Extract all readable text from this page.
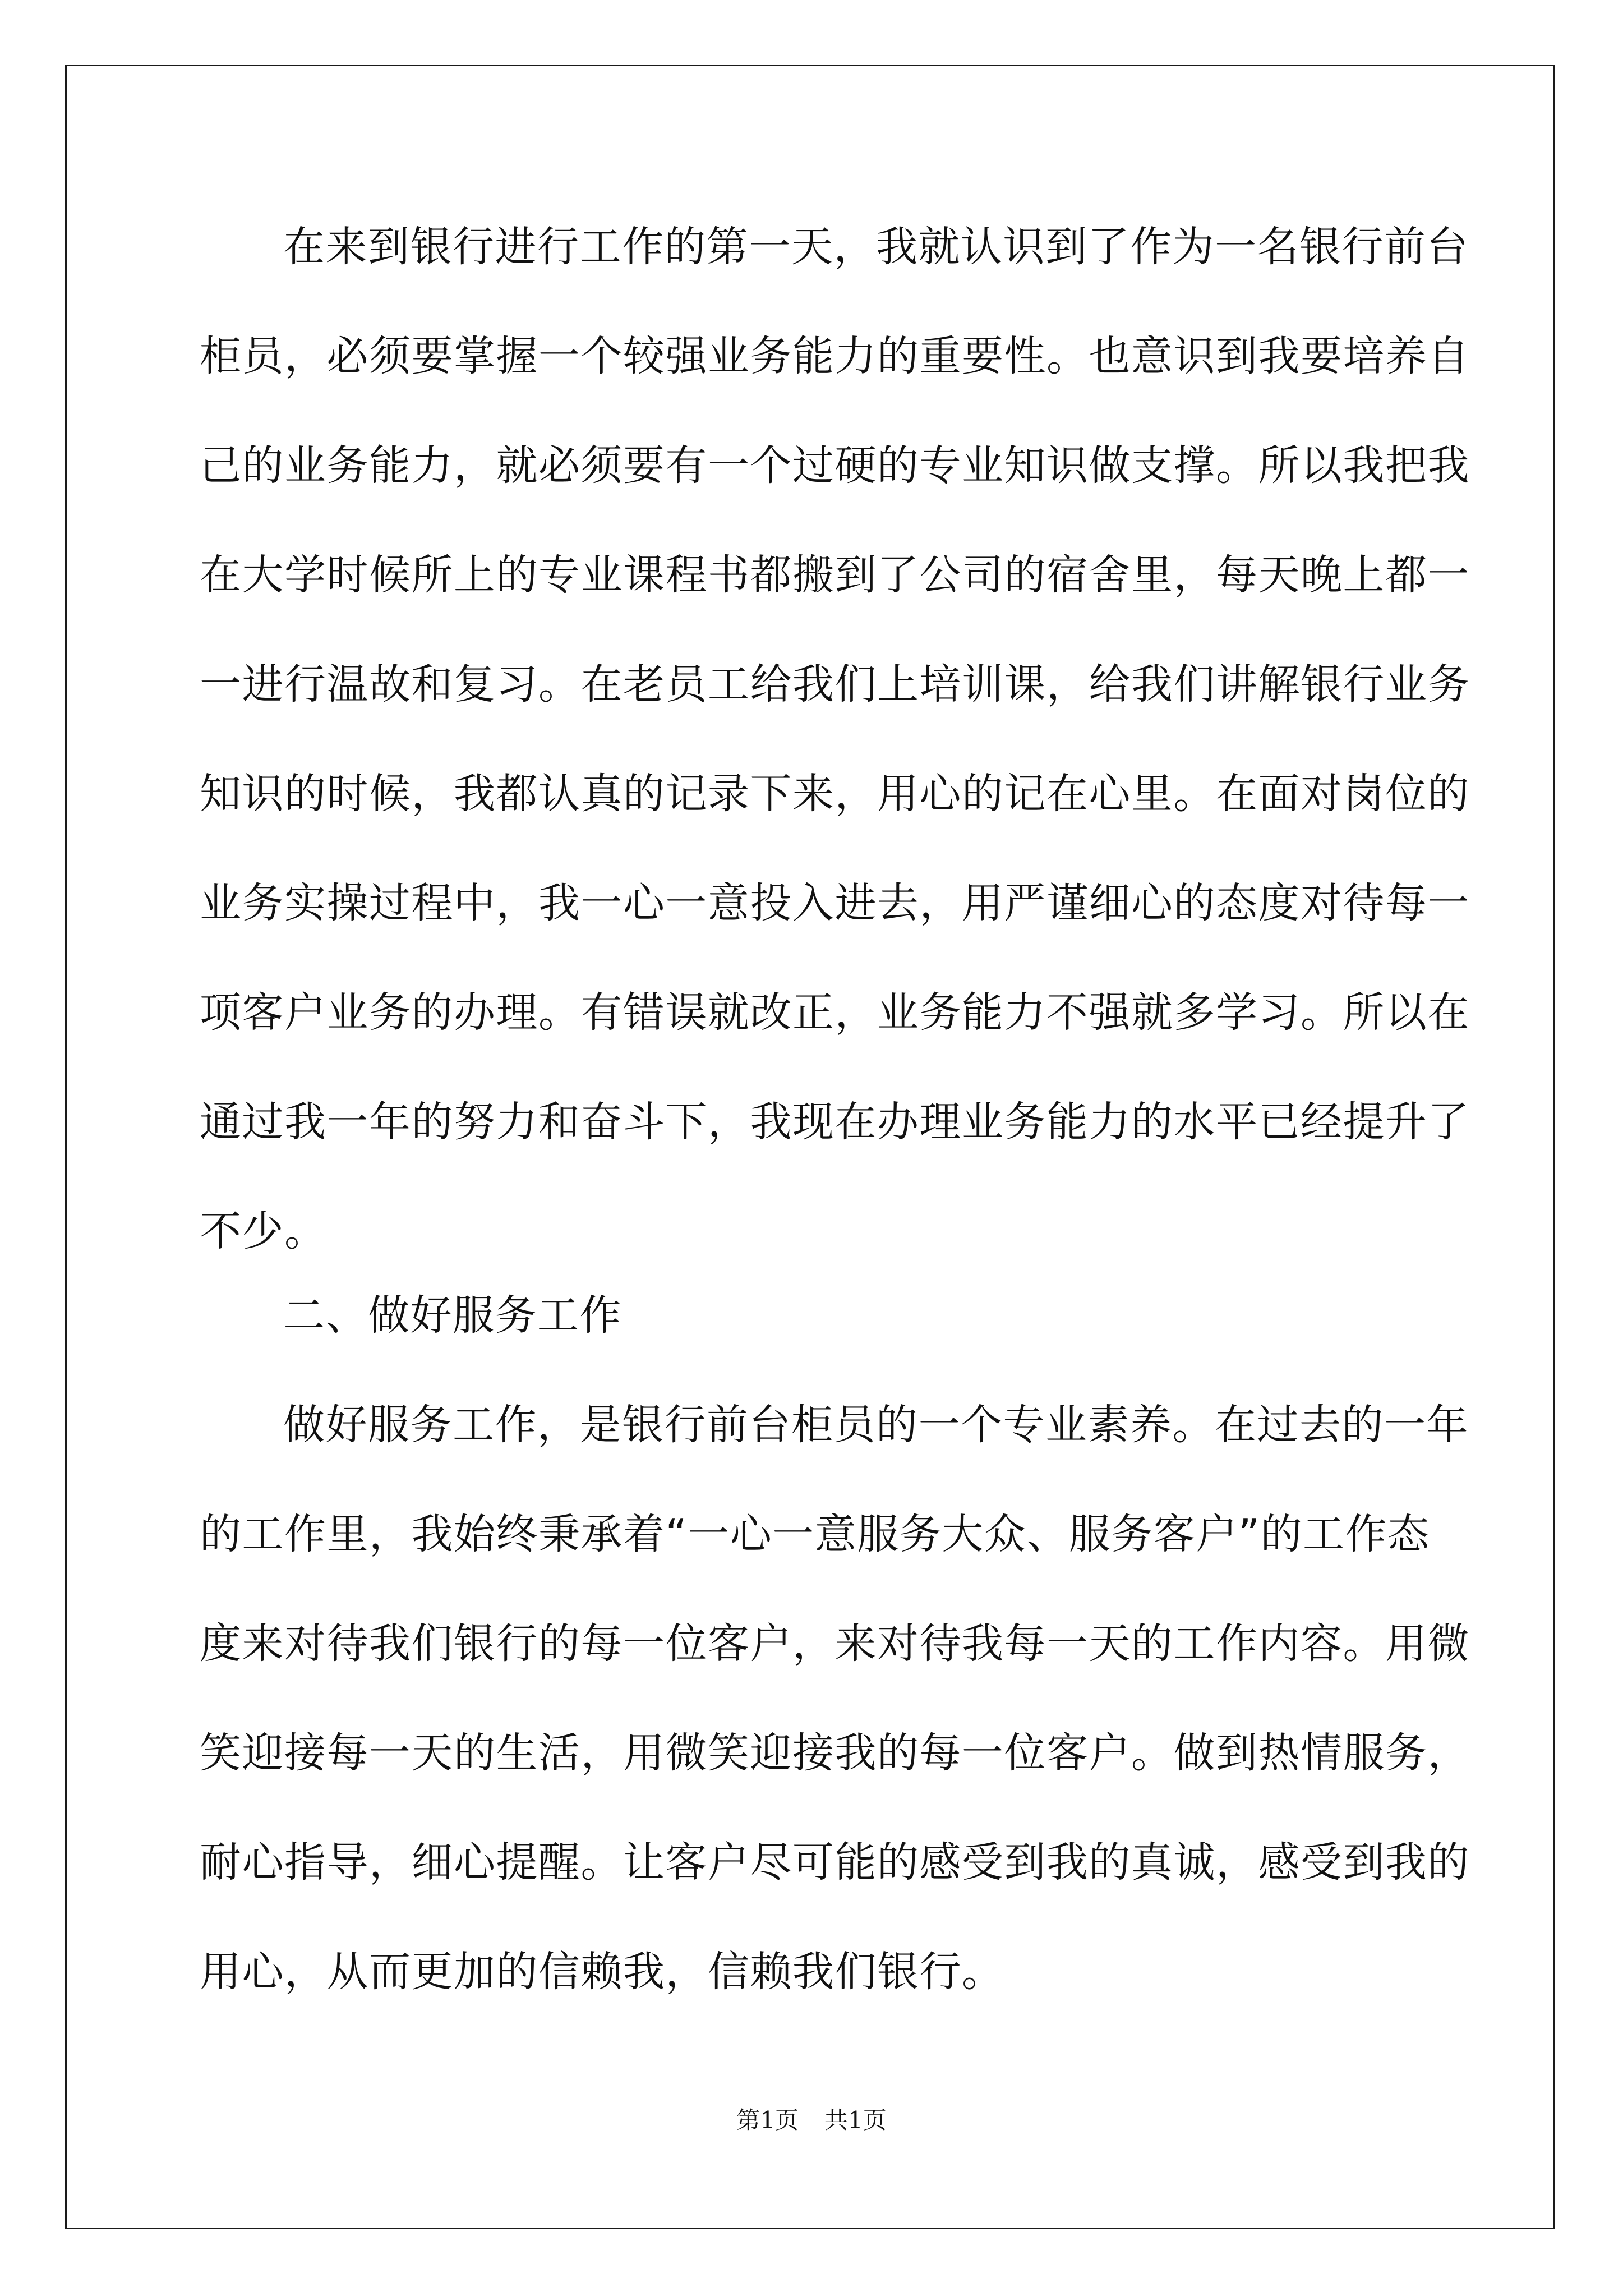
在来到银行进行工作的第一天，我就认识到了作为一名银行前台
柜员，必须要掌握一个较强业务能力的重要性。也意识到我要培养自
己的业务能力，就必须要有一个过硬的专业知识做支撑。所以我把我
在大学时候所上的专业课程书都搬到了公司的宿舍里，每天晚上都一
一进行温故和复习。在老员工给我们上培训课，给我们讲解银行业务
知识的时候，我都认真的记录下来，用心的记在心里。在面对岗位的
业务实操过程中，我一心一意投入进去，用严谨细心的态度对待每一
项客户业务的办理。有错误就改正，业务能力不强就多学习。所以在
通过我一年的努力和奋斗下，我现在办理业务能力的水平已经提升了
不少。
二、做好服务工作
做好服务工作，是银行前台柜员的一个专业素养。在过去的一年
的工作里，我始终秉承着“一心一意服务大众、服务客户”的工作态
度来对待我们银行的每一位客户，来对待我每一天的工作内容。用微
笑迎接每一天的生活，用微笑迎接我的每一位客户。做到热情服务，
耐心指导，细心提醒。让客户尽可能的感受到我的真诚，感受到我的
用心，从而更加的信赖我，信赖我们银行。
第1页 共1页
